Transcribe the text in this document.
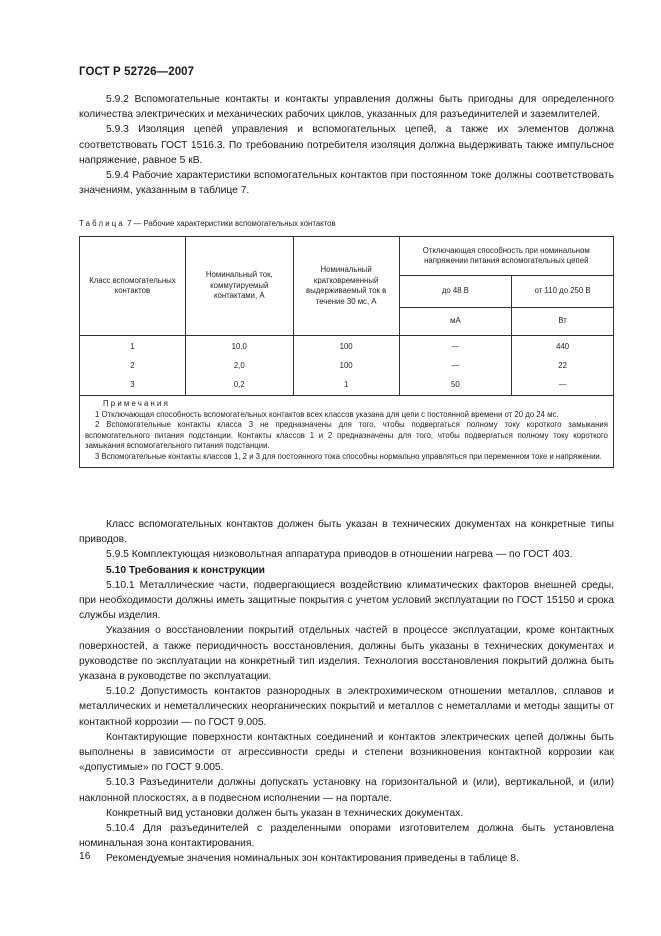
ГОСТ Р 52726—2007

5.9.2 Вспомогательные контакты и контакты управления должны быть пригодны для определенного количества электрических и механических рабочих циклов, указанных для разъединителей и заземлителей.

5.9.3 Изоляция цепей управления и вспомогательных цепей, а также их элементов должна соответствовать ГОСТ 1516.3. По требованию потребителя изоляция должна выдерживать также импульсное напряжение, равное 5 кВ.

5.9.4 Рабочие характеристики вспомогательных контактов при постоянном токе должны соответствовать значениям, указанным в таблице 7.

Таблица 7 — Рабочие характеристики вспомогательных контактов
Класс вспомогательных контактов	Номинальный ток, коммутируемый контактами, А	Номинальный кратковременный выдерживаемый ток в течение 30 мс, А	Отключающая способность при номинальном напряжении питания вспомогательных цепей	
			до 48 В	от 110 до 250 В
			мА	Вт
1	10,0	100	—	440
2	2,0	100	—	22
3	0,2	1	50	—

Примечания
1 Отключающая способность вспомогательных контактов всех классов указана для цепи с постоянной времени от 20 до 24 мс.
2 Вспомогательные контакты класса 3 не предназначены для того, чтобы подвергаться полному току короткого замыкания вспомогательного питания подстанции. Контакты классов 1 и 2 предназначены для того, чтобы подвергаться полному току короткого замыкания вспомогательного питания подстанции.
3 Вспомогательные контакты классов 1, 2 и 3 для постоянного тока способны нормально управляться при переменном токе и напряжении.				

Класс вспомогательных контактов должен быть указан в технических документах на конкретные типы приводов.

5.9.5 Комплектующая низковольтная аппаратура приводов в отношении нагрева — по ГОСТ 403.

5.10 Требования к конструкции

5.10.1 Металлические части, подвергающиеся воздействию климатических факторов внешней среды, при необходимости должны иметь защитные покрытия с учетом условий эксплуатации по ГОСТ 15150 и срока службы изделия.

Указания о восстановлении покрытий отдельных частей в процессе эксплуатации, кроме контактных поверхностей, а также периодичность восстановления, должны быть указаны в технических документах и руководстве по эксплуатации на конкретный тип изделия. Технология восстановления покрытий должна быть указана в руководстве по эксплуатации.

5.10.2 Допустимость контактов разнородных в электрохимическом отношении металлов, сплавов и металлических и неметаллических неорганических покрытий и металлов с неметаллами и методы защиты от контактной коррозии — по ГОСТ 9.005.

Контактирующие поверхности контактных соединений и контактов электрических цепей должны быть выполнены в зависимости от агрессивности среды и степени возникновения контактной коррозии как «допустимые» по ГОСТ 9.005.

5.10.3 Разъединители должны допускать установку на горизонтальной и (или), вертикальной, и (или) наклонной плоскостях, а в подвесном исполнении — на портале.

Конкретный вид установки должен быть указан в технических документах.

5.10.4 Для разъединителей с разделенными опорами изготовителем должна быть установлена номинальная зона контактирования.

Рекомендуемые значения номинальных зон контактирования приведены в таблице 8.

16
